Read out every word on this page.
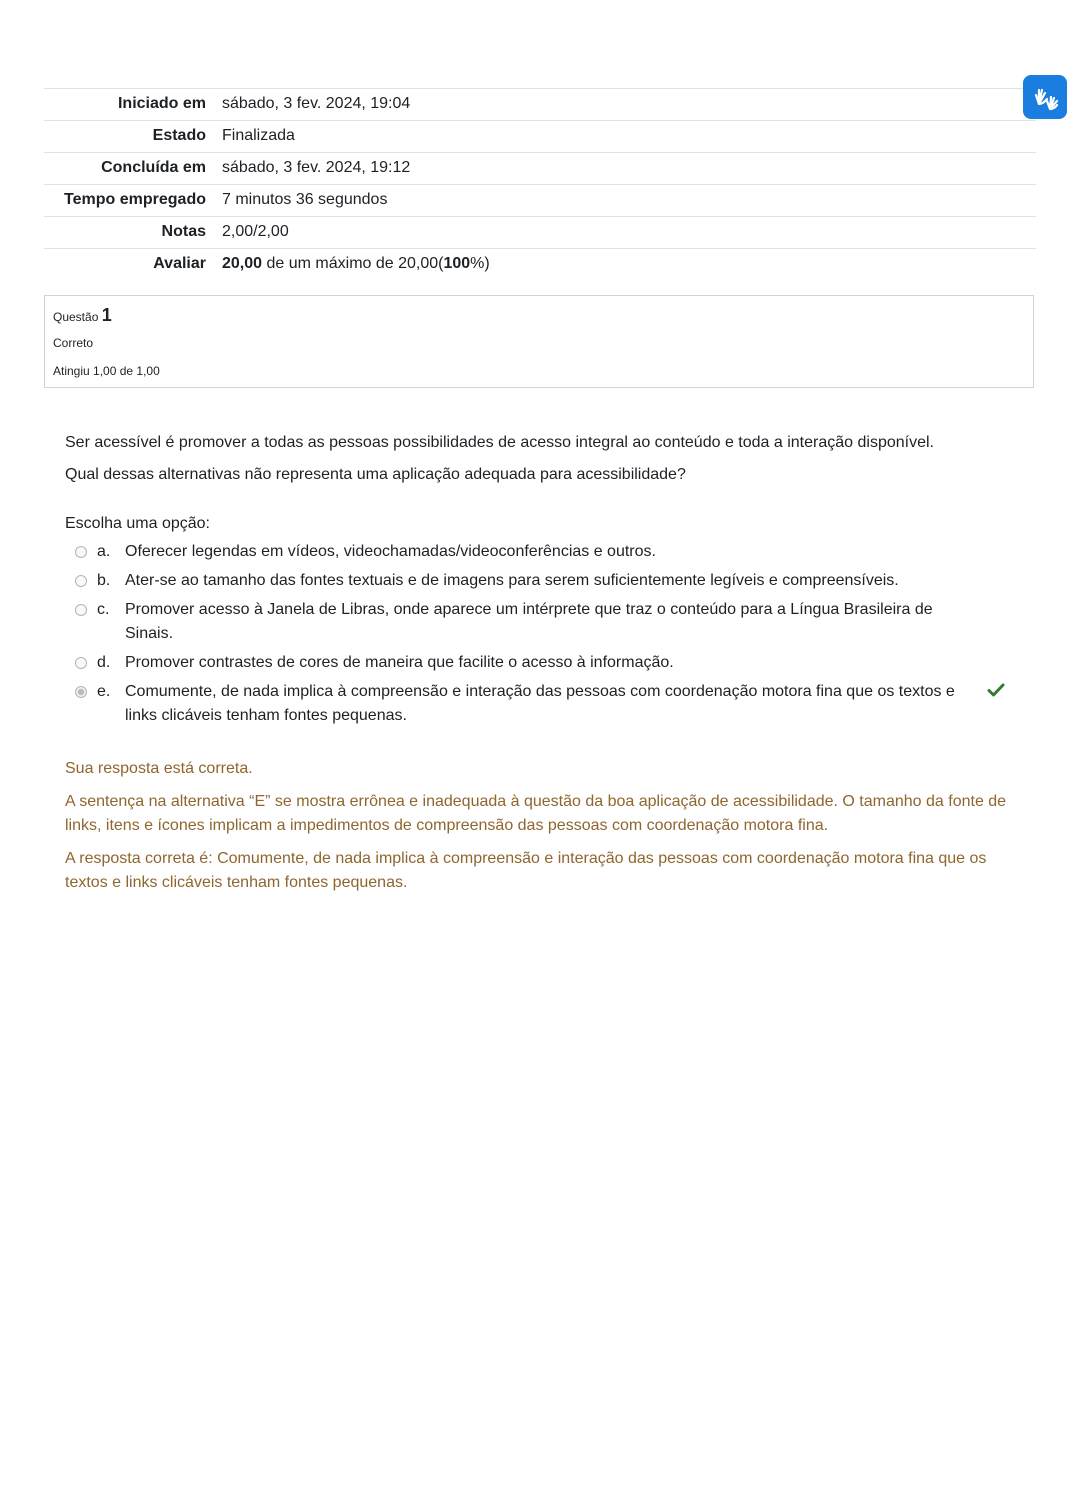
Iniciado em	sábado, 3 fev. 2024, 19:04
Estado	Finalizada
Concluída em	sábado, 3 fev. 2024, 19:12
Tempo empregado	7 minutos 36 segundos
Notas	2,00/2,00
Avaliar	20,00 de um máximo de 20,00(100%)
Questão 1
Correto
Atingiu 1,00 de 1,00

Ser acessível é promover a todas as pessoas possibilidades de acesso integral ao conteúdo e toda a interação disponível.

Qual dessas alternativas não representa uma aplicação adequada para acessibilidade?

Escolha uma opção:
a. Oferecer legendas em vídeos, videochamadas/videoconferências e outros.
b. Ater-se ao tamanho das fontes textuais e de imagens para serem suficientemente legíveis e compreensíveis.
c. Promover acesso à Janela de Libras, onde aparece um intérprete que traz o conteúdo para a Língua Brasileira de Sinais.
d. Promover contrastes de cores de maneira que facilite o acesso à informação.
e. Comumente, de nada implica à compreensão e interação das pessoas com coordenação motora fina que os textos e links clicáveis tenham fontes pequenas.

Sua resposta está correta.

A sentença na alternativa “E” se mostra errônea e inadequada à questão da boa aplicação de acessibilidade. O tamanho da fonte de links, itens e ícones implicam a impedimentos de compreensão das pessoas com coordenação motora fina.

A resposta correta é: Comumente, de nada implica à compreensão e interação das pessoas com coordenação motora fina que os textos e links clicáveis tenham fontes pequenas.
